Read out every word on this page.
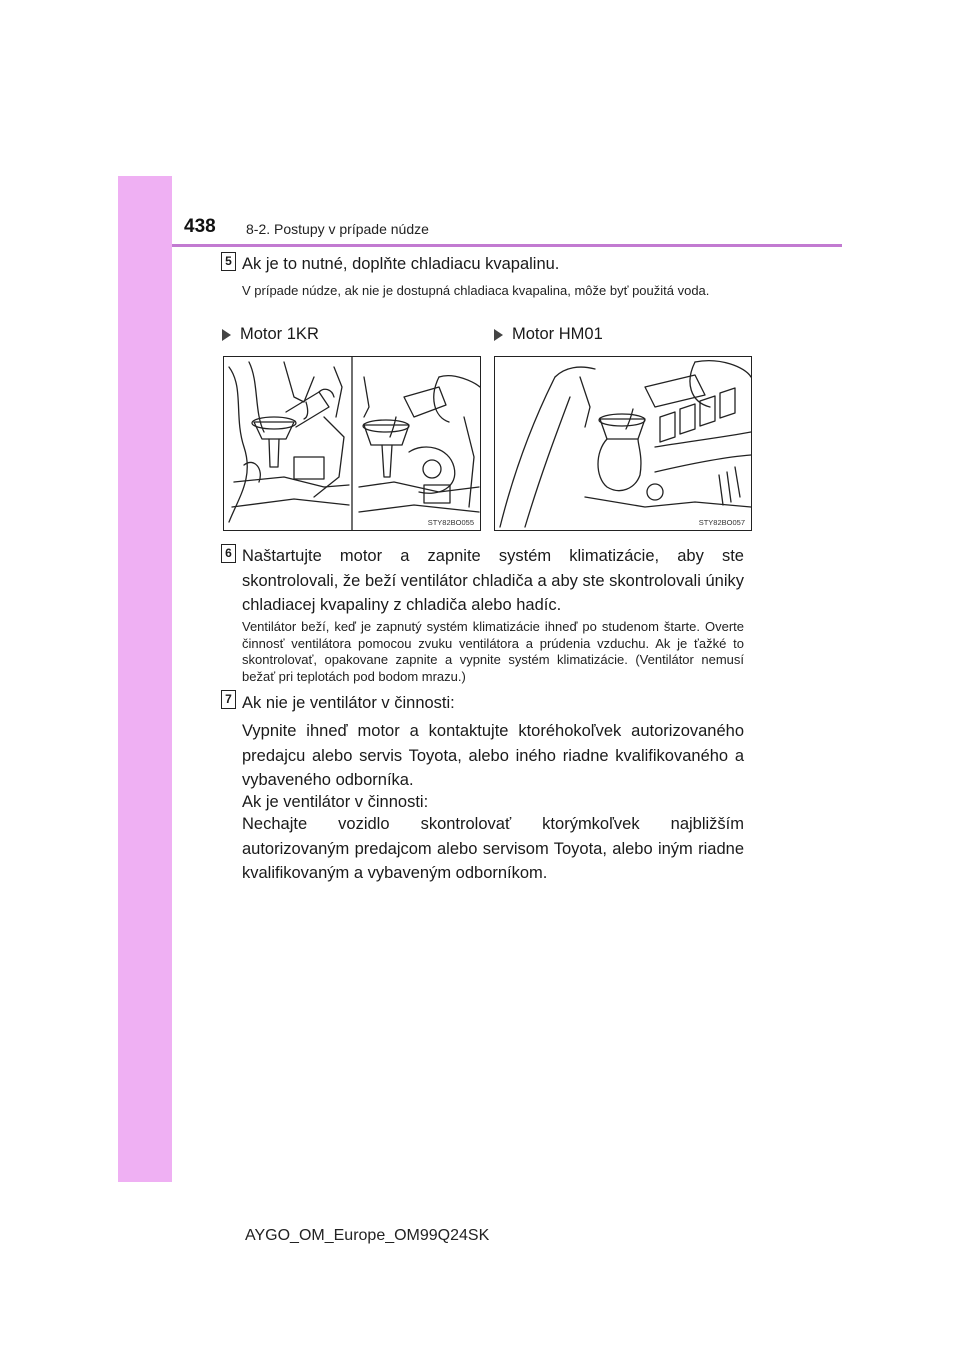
438 8-2. Postupy v prípade núdze
5 Ak je to nutné, doplňte chladiacu kvapalinu.
V prípade núdze, ak nie je dostupná chladiaca kvapalina, môže byť použitá voda.
Motor 1KR	Motor HM01
STY82BO055	STY82BO057
6 Naštartujte motor a zapnite systém klimatizácie, aby ste skontrolovali, že beží ventilátor chladiča a aby ste skontrolovali úniky chladiacej kvapaliny z chladiča alebo hadíc.
Ventilátor beží, keď je zapnutý systém klimatizácie ihneď po studenom štarte. Overte činnosť ventilátora pomocou zvuku ventilátora a prúdenia vzduchu. Ak je ťažké to skontrolovať, opakovane zapnite a vypnite systém klimatizácie. (Ventilátor nemusí bežať pri teplotách pod bodom mrazu.)
7 Ak nie je ventilátor v činnosti:
Vypnite ihneď motor a kontaktujte ktoréhokoľvek autorizovaného predajcu alebo servis Toyota, alebo iného riadne kvalifikovaného a vybaveného odborníka.
Ak je ventilátor v činnosti:
Nechajte vozidlo skontrolovať ktorýmkoľvek najbližším autorizovaným predajcom alebo servisom Toyota, alebo iným riadne kvalifikovaným a vybaveným odborníkom.
AYGO_OM_Europe_OM99Q24SK
